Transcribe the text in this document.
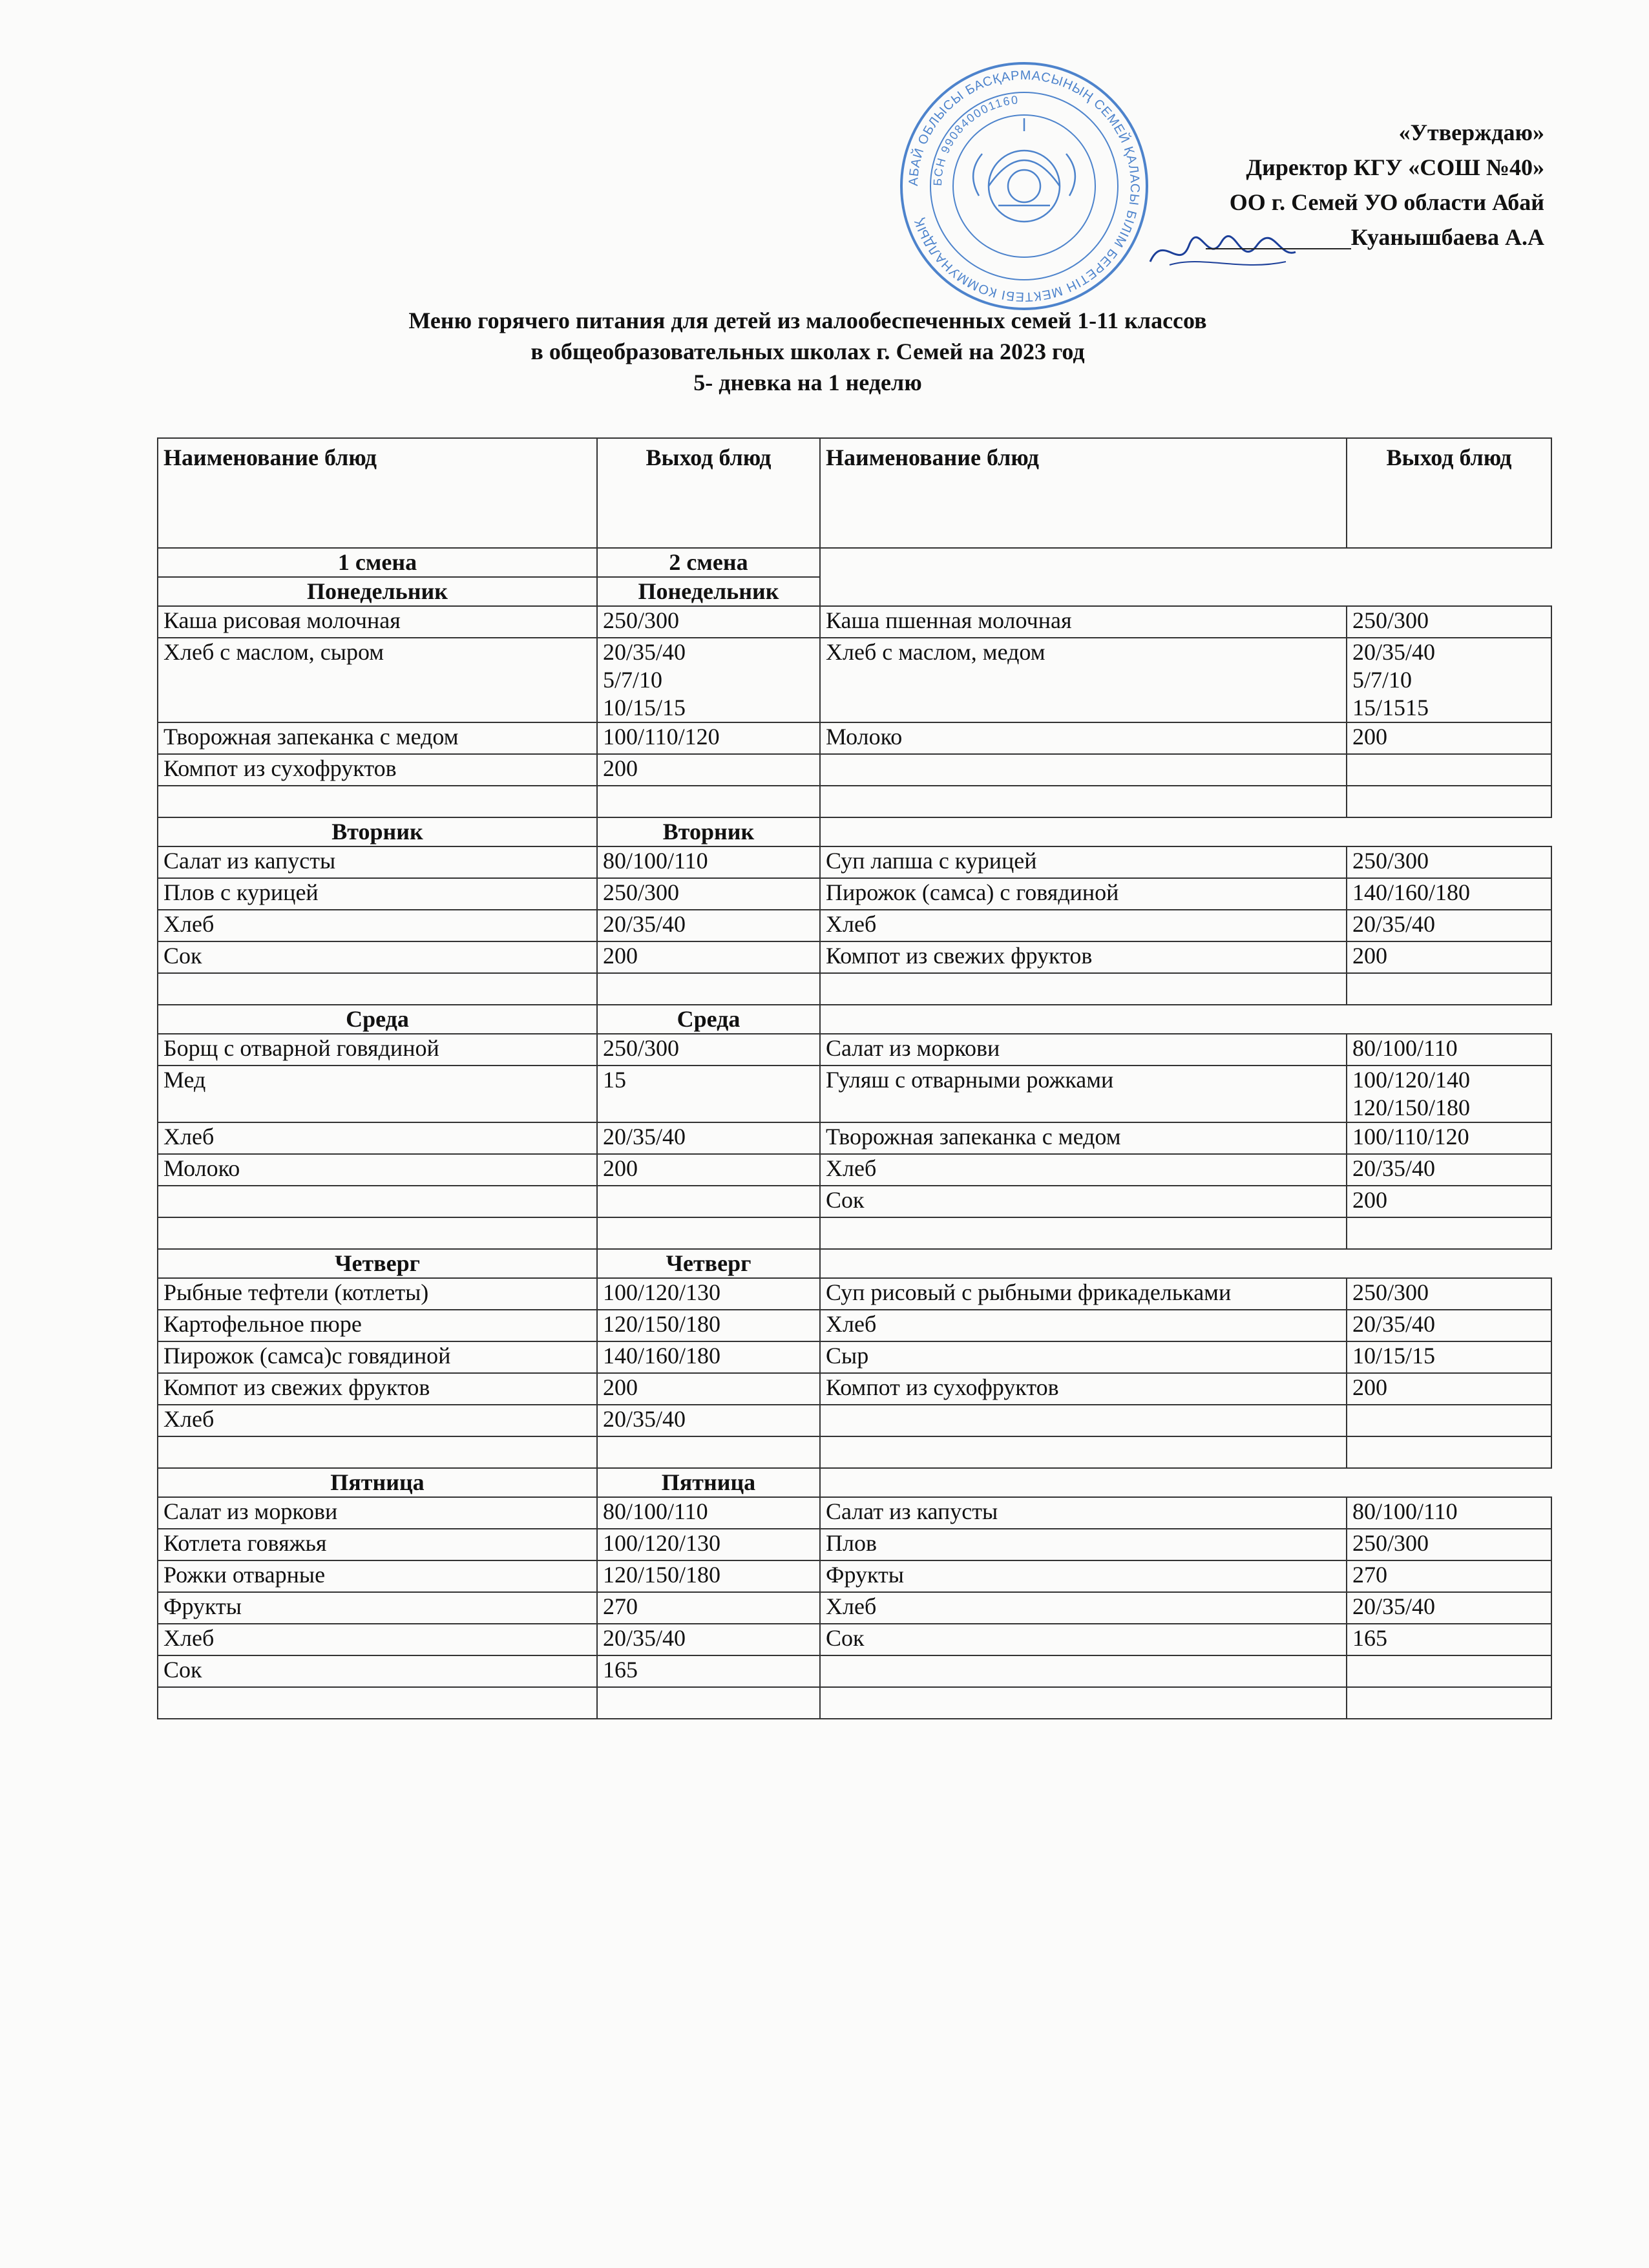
АБАЙ ОБЛЫСЫ БАСҚАРМАСЫНЫҢ СЕМЕЙ ҚАЛАСЫ БІЛІМ БЕРЕТІН МЕКТЕБІ КОММУНАЛДЫҚ
БСН 990840001160
«Утверждаю»
Директор КГУ «СОШ №40»
ОО г. Семей УО области Абай
Куанышбаева А.А
Меню горячего питания для детей из малообеспеченных семей 1-11 классов
в общеобразовательных школах г. Семей на 2023 год
5- дневка на 1 неделю
Наименование блюд	Выход блюд	Наименование блюд	Выход блюд
1 смена	2 смена	
Понедельник	Понедельник	
Каша рисовая молочная	250/300	Каша пшенная молочная	250/300
Хлеб с маслом, сыром	20/35/40
5/7/10
10/15/15	Хлеб с маслом, медом	20/35/40
5/7/10
15/1515
Творожная запеканка с медом	100/110/120	Молоко	200
Компот из сухофруктов	200		

Вторник	Вторник	
Салат из капусты	80/100/110	Суп лапша с курицей	250/300
Плов с курицей	250/300	Пирожок (самса) с говядиной	140/160/180
Хлеб	20/35/40	Хлеб	20/35/40
Сок	200	Компот из свежих фруктов	200

Среда	Среда	
Борщ с отварной говядиной	250/300	Салат из моркови	80/100/110
Мед	15	Гуляш с отварными рожками	100/120/140
120/150/180
Хлеб	20/35/40	Творожная запеканка с медом	100/110/120
Молоко	200	Хлеб	20/35/40
		Сок	200

Четверг	Четверг	
Рыбные тефтели (котлеты)	100/120/130	Суп рисовый с рыбными фрикадельками	250/300
Картофельное пюре	120/150/180	Хлеб	20/35/40
Пирожок (самса)с говядиной	140/160/180	Сыр	10/15/15
Компот из свежих фруктов	200	Компот из сухофруктов	200
Хлеб	20/35/40		

Пятница	Пятница	
Салат из моркови	80/100/110	Салат из капусты	80/100/110
Котлета говяжья	100/120/130	Плов	250/300
Рожки отварные	120/150/180	Фрукты	270
Фрукты	270	Хлеб	20/35/40
Хлеб	20/35/40	Сок	165
Сок	165		
